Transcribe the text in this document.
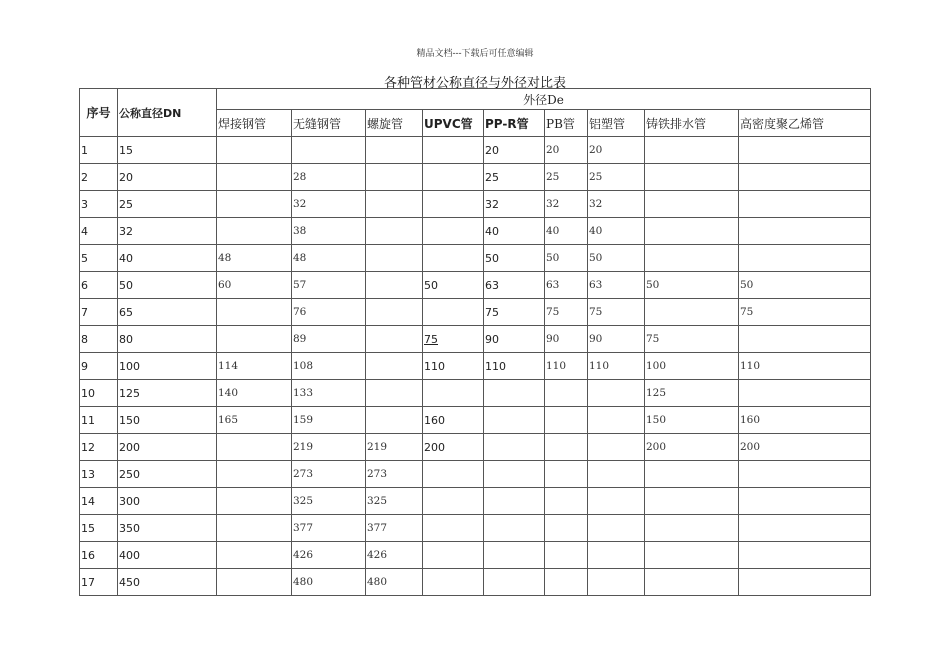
精品文档---下载后可任意编辑
各种管材公称直径与外径对比表
序号	公称直径DN	外径De								
		焊接钢管	无缝钢管	螺旋管	UPVC管	PP-R管	PB管	铝塑管	铸铁排水管	高密度聚乙烯管
1	15					20	20	20		
2	20		28			25	25	25		
3	25		32			32	32	32		
4	32		38			40	40	40		
5	40	48	48			50	50	50		
6	50	60	57		50	63	63	63	50	50
7	65		76			75	75	75		75
8	80		89		75	90	90	90	75	
9	100	114	108		110	110	110	110	100	110
10	125	140	133						125	
11	150	165	159		160				150	160
12	200		219	219	200				200	200
13	250		273	273						
14	300		325	325						
15	350		377	377						
16	400		426	426						
17	450		480	480						
